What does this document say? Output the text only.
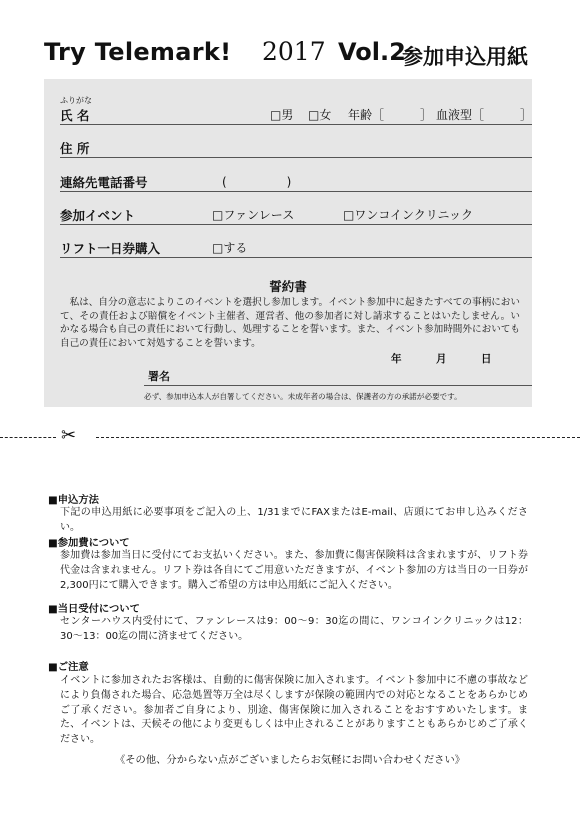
Try Telemark! 2017 Vol.2
参加申込用紙
ふりがな
氏 名	□男 □女 年齢［　　　］ 血液型［　　　］
住 所
連絡先電話番号	(　　　　　)
参加イベント	□ファンレース	□ワンコインクリニック
リフト一日券購入	□する
誓約書
　私は、自分の意志によりこのイベントを選択し参加します。イベント参加中に起きたすべての事柄において、その責任および賠償をイベント主催者、運営者、他の参加者に対し請求することはいたしません。いかなる場合も自己の責任において行動し、処理することを誓います。また、イベント参加時間外においても自己の責任において対処することを誓います。
年	月	日
署名
必ず、参加申込本人が自署してください。未成年者の場合は、保護者の方の承諾が必要です。
✂
■申込方法
下記の申込用紙に必要事項をご記入の上、1/31までにFAXまたはE-mail、店頭にてお申し込みください。
■参加費について
参加費は参加当日に受付にてお支払いください。また、参加費に傷害保険料は含まれますが、リフト券代金は含まれません。リフト券は各自にてご用意いただきますが、イベント参加の方は当日の一日券が2,300円にて購入できます。購入ご希望の方は申込用紙にご記入ください。
■当日受付について
センターハウス内受付にて、ファンレースは9：00〜9：30迄の間に、ワンコインクリニックは12：30〜13：00迄の間に済ませてください。
■ご注意
イベントに参加されたお客様は、自動的に傷害保険に加入されます。イベント参加中に不慮の事故などにより負傷された場合、応急処置等万全は尽くしますが保険の範囲内での対応となることをあらかじめご了承ください。参加者ご自身により、別途、傷害保険に加入されることをおすすめいたします。また、イベントは、天候その他により変更もしくは中止されることがありますこともあらかじめご了承ください。
《その他、分からない点がございましたらお気軽にお問い合わせください》
